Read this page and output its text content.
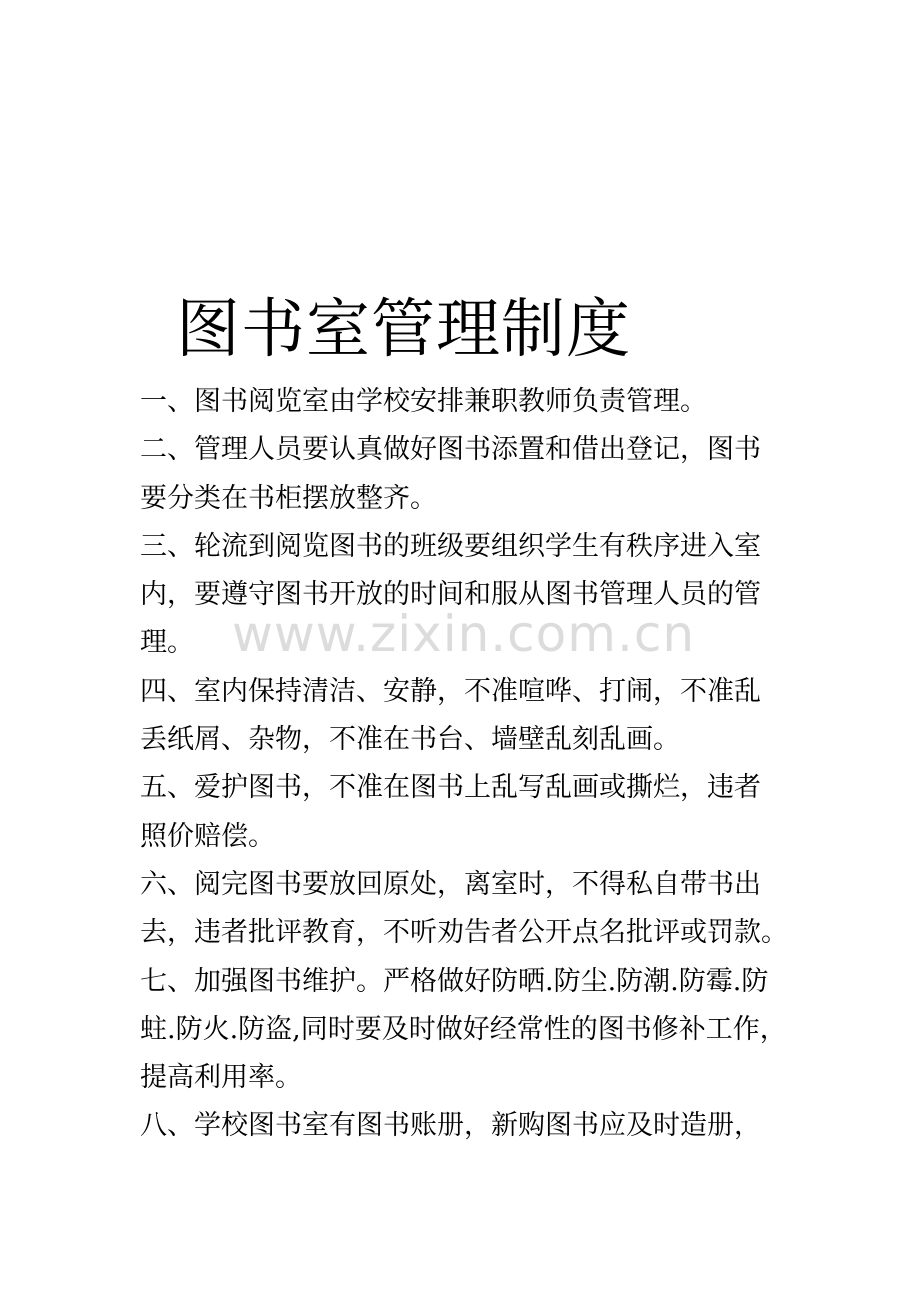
图书室管理制度
一、图书阅览室由学校安排兼职教师负责管理。
二、管理人员要认真做好图书添置和借出登记，图书
要分类在书柜摆放整齐。
三、轮流到阅览图书的班级要组织学生有秩序进入室
内，要遵守图书开放的时间和服从图书管理人员的管
理。
四、室内保持清洁、安静，不准喧哗、打闹，不准乱
丢纸屑、杂物，不准在书台、墙壁乱刻乱画。
五、爱护图书，不准在图书上乱写乱画或撕烂，违者
照价赔偿。
六、阅完图书要放回原处，离室时，不得私自带书出
去，违者批评教育，不听劝告者公开点名批评或罚款。
七、加强图书维护。严格做好防晒.防尘.防潮.防霉.防
蛀.防火.防盗,同时要及时做好经常性的图书修补工作，
提高利用率。
八、学校图书室有图书账册，新购图书应及时造册，
www.zixin.com.cn
